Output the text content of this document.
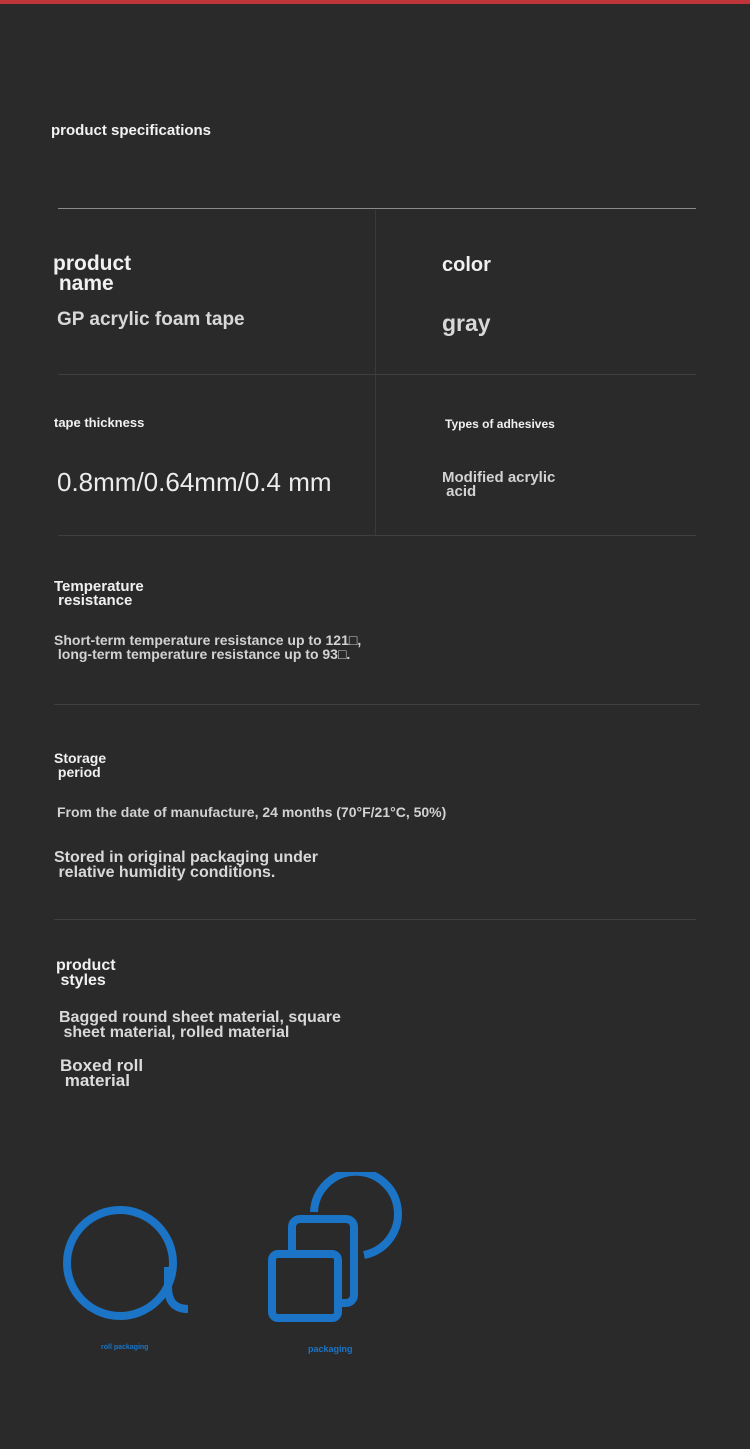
product specifications
product
name
GP acrylic foam tape
color
gray
tape thickness
0.8mm/0.64mm/0.4 mm
Types of adhesives
Modified acrylic
acid
Temperature
resistance
Short-term temperature resistance up to 121□,
long-term temperature resistance up to 93□.
Storage
period
From the date of manufacture, 24 months (70°F/21°C, 50%)
Stored in original packaging under
relative humidity conditions.
product
styles
Bagged round sheet material, square
sheet material, rolled material
Boxed roll
material
roll packaging	packaging
